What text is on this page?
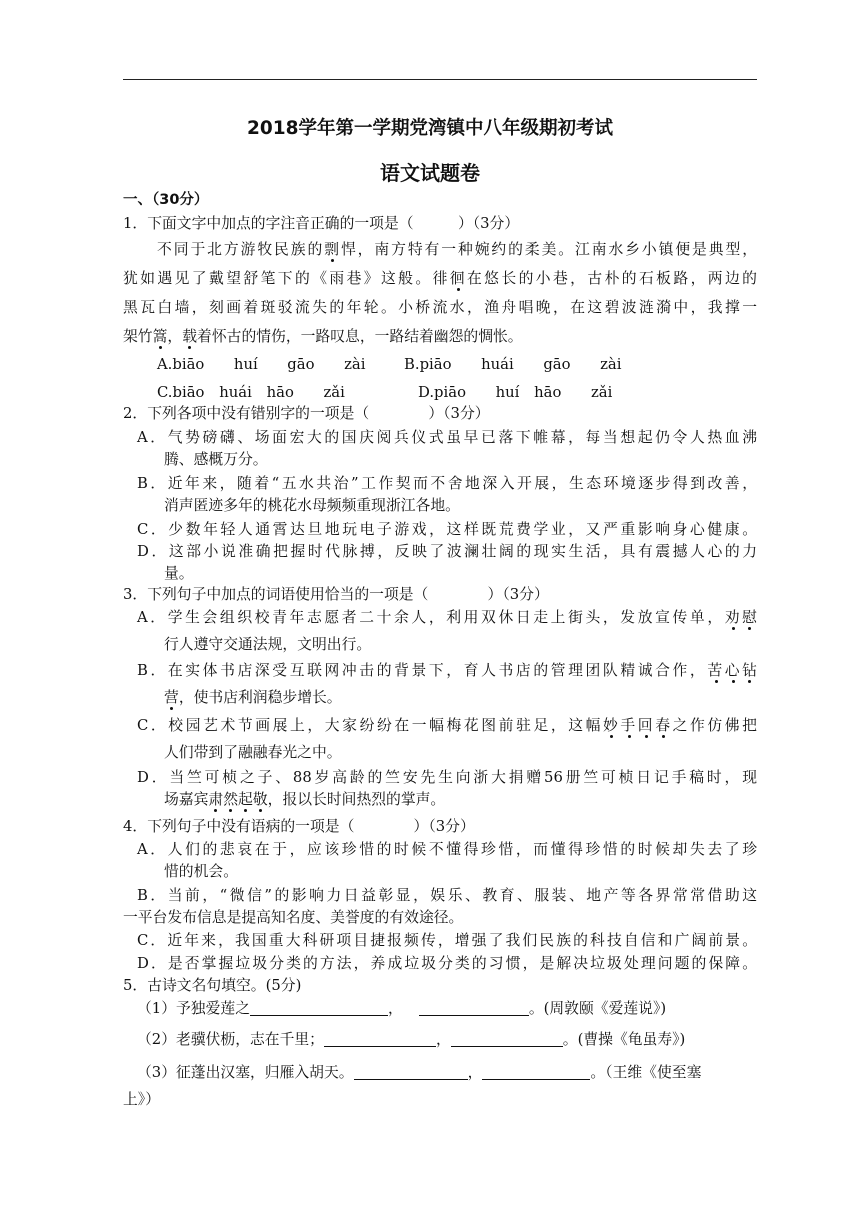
2018学年第一学期党湾镇中八年级期初考试
语文试题卷
一、（30分）
1．下面文字中加点的字注音正确的一项是（　　　）（3分）
不同于北方游牧民族的剽悍，南方特有一种婉约的柔美。江南水乡小镇便是典型，
犹如遇见了戴望舒笔下的《雨巷》这般。徘徊在悠长的小巷，古朴的石板路，两边的
黑瓦白墙，刻画着斑驳流失的年轮。小桥流水，渔舟唱晚，在这碧波涟漪中，我撑一
架竹篙，载着怀古的情伤，一路叹息，一路结着幽怨的惆怅。
A.biāo　　huí　　gāo　　zài	B.piāo　　huái　　gāo　　zài
C.biāo　huái　hāo　　zǎi	D.piāo　　huí　hāo　　zǎi
2．下列各项中没有错别字的一项是（　　　　）（3分）
A．气势磅礴、场面宏大的国庆阅兵仪式虽早已落下帷幕，每当想起仍令人热血沸
腾、感概万分。
B．近年来，随着“五水共治”工作契而不舍地深入开展，生态环境逐步得到改善，
消声匿迹多年的桃花水母频频重现浙江各地。
C．少数年轻人通霄达旦地玩电子游戏，这样既荒费学业，又严重影响身心健康。
D．这部小说准确把握时代脉搏，反映了波澜壮阔的现实生活，具有震撼人心的力
量。
3．下列句子中加点的词语使用恰当的一项是（　　　　）（3分）
A．学生会组织校青年志愿者二十余人，利用双休日走上街头，发放宣传单，劝慰
行人遵守交通法规，文明出行。
B．在实体书店深受互联网冲击的背景下，育人书店的管理团队精诚合作，苦心钻
营，使书店利润稳步增长。
C．校园艺术节画展上，大家纷纷在一幅梅花图前驻足，这幅妙手回春之作仿佛把
人们带到了融融春光之中。
D．当竺可桢之子、88岁高龄的竺安先生向浙大捐赠56册竺可桢日记手稿时，现
场嘉宾肃然起敬，报以长时间热烈的掌声。
4．下列句子中没有语病的一项是（　　　　）（3分）
A．人们的悲哀在于，应该珍惜的时候不懂得珍惜，而懂得珍惜的时候却失去了珍
惜的机会。
B．当前，“微信”的影响力日益彰显，娱乐、教育、服装、地产等各界常常借助这
一平台发布信息是提高知名度、美誉度的有效途径。
C．近年来，我国重大科研项目捷报频传，增强了我们民族的科技自信和广阔前景。
D．是否掌握垃圾分类的方法，养成垃圾分类的习惯，是解决垃圾处理问题的保障。
5．古诗文名句填空。(5分)
（1）予独爱莲之	，	。(周敦颐《爱莲说》)
（2）老骥伏枥，志在千里；	，	。(曹操《龟虽寿》)
（3）征蓬出汉塞，归雁入胡天。	，	。（王维《使至塞
上》）
